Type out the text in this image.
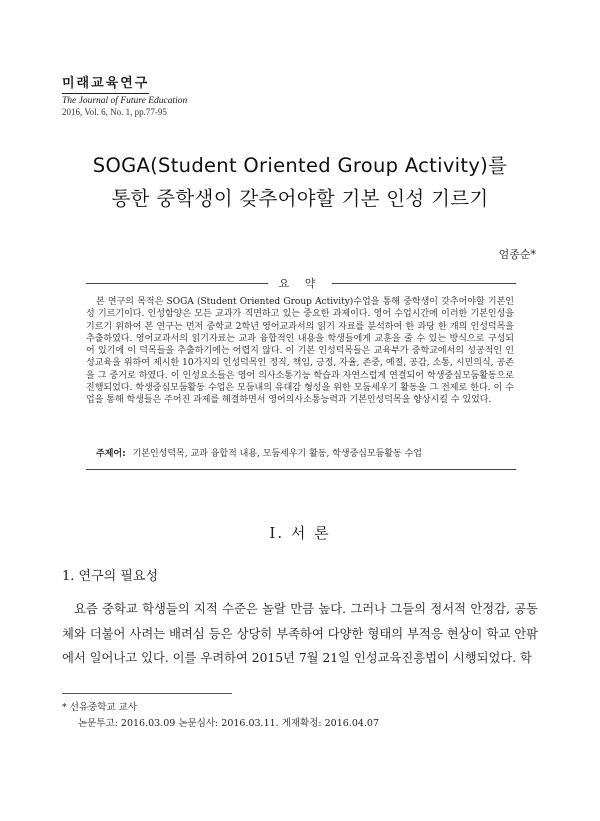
미래교육연구
The Journal of Future Education
2016, Vol. 6, No. 1, pp.77-95
SOGA(Student Oriented Group Activity)를
통한 중학생이 갖추어야할 기본 인성 기르기
엄종순*
요 약
본 연구의 목적은 SOGA (Student Oriented Group Activity)수업을 통해 중학생이 갖추어야할 기본인성 기르기이다. 인성함양은 모든 교과가 직면하고 있는 중요한 과제이다. 영어 수업시간에 이러한 기본인성을 기르기 위하여 본 연구는 먼저 중학교 2학년 영어교과서의 읽기 자료를 분석하여 한 과당 한 개의 인성덕목을 추출하였다. 영어교과서의 읽기자료는 교과 융합적인 내용을 학생들에게 교훈을 줄 수 있는 방식으로 구성되어 있기에 이 덕목들을 추출하기에는 어렵지 않다. 이 기본 인성덕목들은 교육부가 중학교에서의 성공적인 인성교육을 위하여 제시한 10가지의 인성덕목인 정직, 책임, 긍정, 자율, 존중, 예절, 공감, 소통, 시민의식, 공존을 그 중거로 하였다. 이 인성요소들은 영어 의사소통기능 학습과 자연스럽게 연결되어 학생중심모둠활동으로 진행되었다. 학생중심모둠활동 수업은 모둠내의 유대감 형성을 위한 모둠세우기 활동을 그 전제로 한다. 이 수업을 통해 학생들은 주어진 과제를 해결하면서 영어의사소통능력과 기본인성덕목을 향상시킬 수 있었다.
주제어: 기본인성덕목, 교과 융합적 내용, 모둠세우기 활동, 학생중심모둠활동 수업
I. 서 론
1. 연구의 필요성
요즘 중학교 학생들의 지적 수준은 놀랄 만큼 높다. 그러나 그들의 정서적 안정감, 공동체와 더불어 사려는 배려심 등은 상당히 부족하여 다양한 형태의 부적응 현상이 학교 안팎에서 일어나고 있다. 이를 우려하여 2015년 7월 21일 인성교육진흥법이 시행되었다. 학
* 선유중학교 교사
논문투고: 2016.03.09 논문심사: 2016.03.11. 게재확정: 2016.04.07
